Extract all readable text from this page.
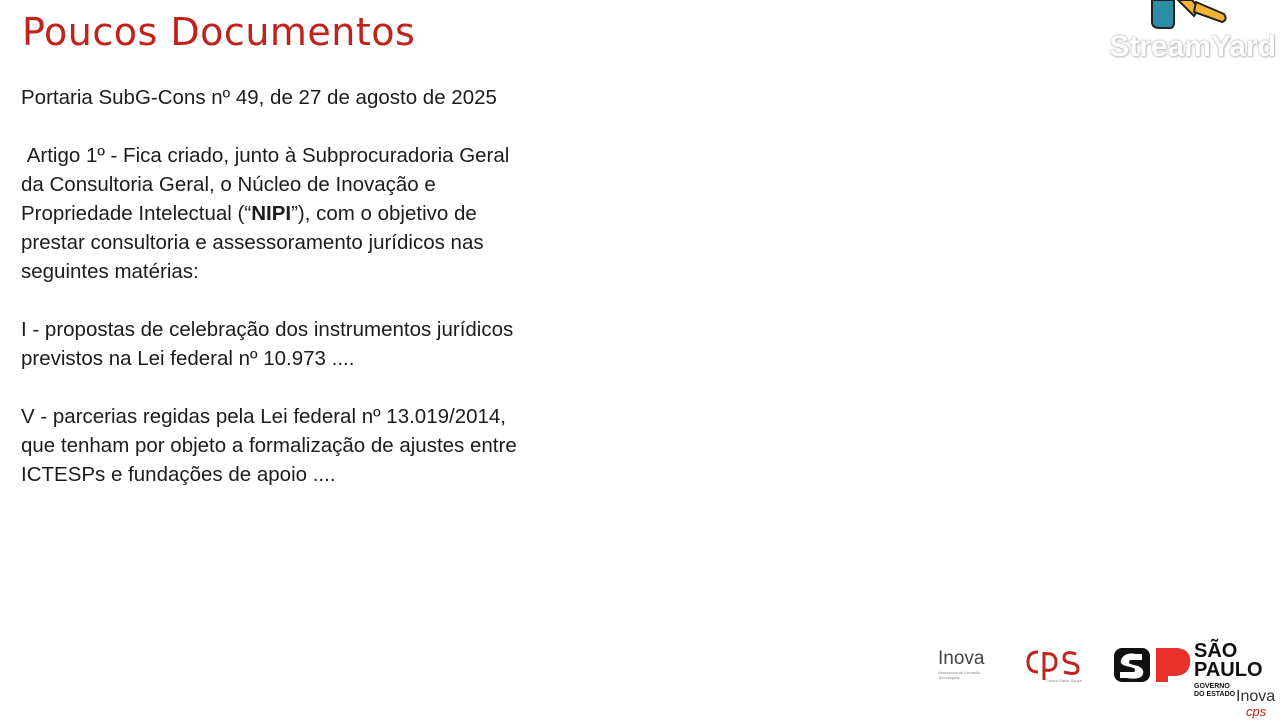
Poucos Documentos

Portaria SubG-Cons nº 49, de 27 de agosto de 2025

Artigo 1º - Fica criado, junto à Subprocuradoria Geral da Consultoria Geral, o Núcleo de Inovação e Propriedade Intelectual (“NIPI”), com o objetivo de prestar consultoria e assessoramento jurídicos nas seguintes matérias:

I - propostas de celebração dos instrumentos jurídicos previstos na Lei federal nº 10.973 ....

V - parcerias regidas pela Lei federal nº 13.019/2014, que tenham por objeto a formalização de ajustes entre ICTESPs e fundações de apoio ....

StreamYard
Inova
Assessoria de Inovação Tecnológica
Centro Paula Souza
SÃO
PAULO
GOVERNO
DO ESTADO Inova
cps
